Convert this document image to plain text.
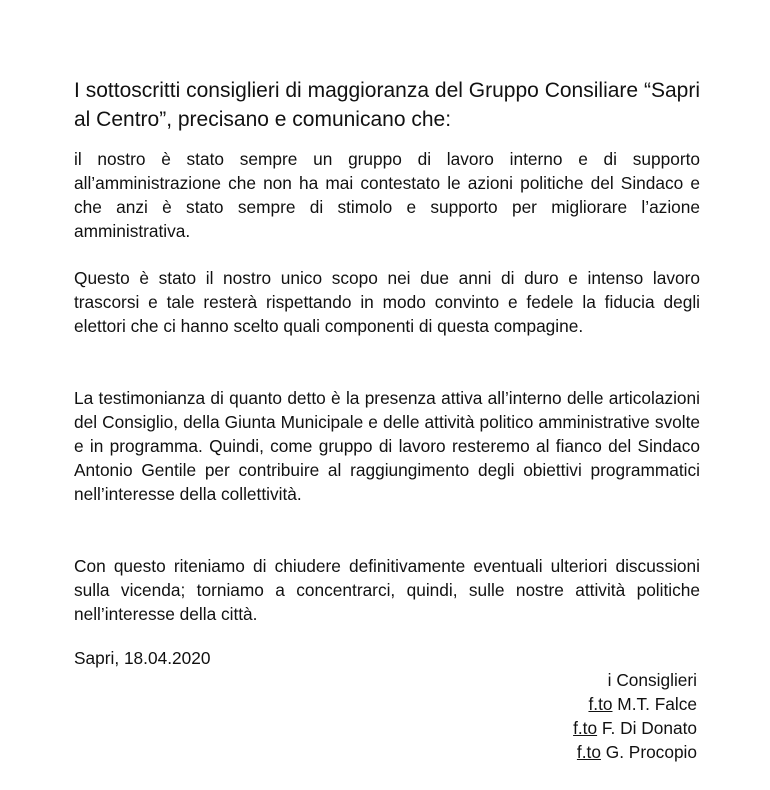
I sottoscritti consiglieri di maggioranza del Gruppo Consiliare “Sapri al Centro”, precisano e comunicano che:

il nostro è stato sempre un gruppo di lavoro interno e di supporto all’amministrazione che non ha mai contestato le azioni politiche del Sindaco e che anzi è stato sempre di stimolo e supporto per migliorare l’azione amministrativa.

Questo è stato il nostro unico scopo nei due anni di duro e intenso lavoro trascorsi e tale resterà rispettando in modo convinto e fedele la fiducia degli elettori che ci hanno scelto quali componenti di questa compagine.

La testimonianza di quanto detto è la presenza attiva all’interno delle articolazioni del Consiglio, della Giunta Municipale e delle attività politico amministrative svolte e in programma. Quindi, come gruppo di lavoro resteremo al fianco del Sindaco Antonio Gentile per contribuire al raggiungimento degli obiettivi programmatici nell’interesse della collettività.

Con questo riteniamo di chiudere definitivamente eventuali ulteriori discussioni sulla vicenda; torniamo a concentrarci, quindi, sulle nostre attività politiche nell’interesse della città.

Sapri, 18.04.2020

i Consiglieri
f.to M.T. Falce
f.to F. Di Donato
f.to G. Procopio
